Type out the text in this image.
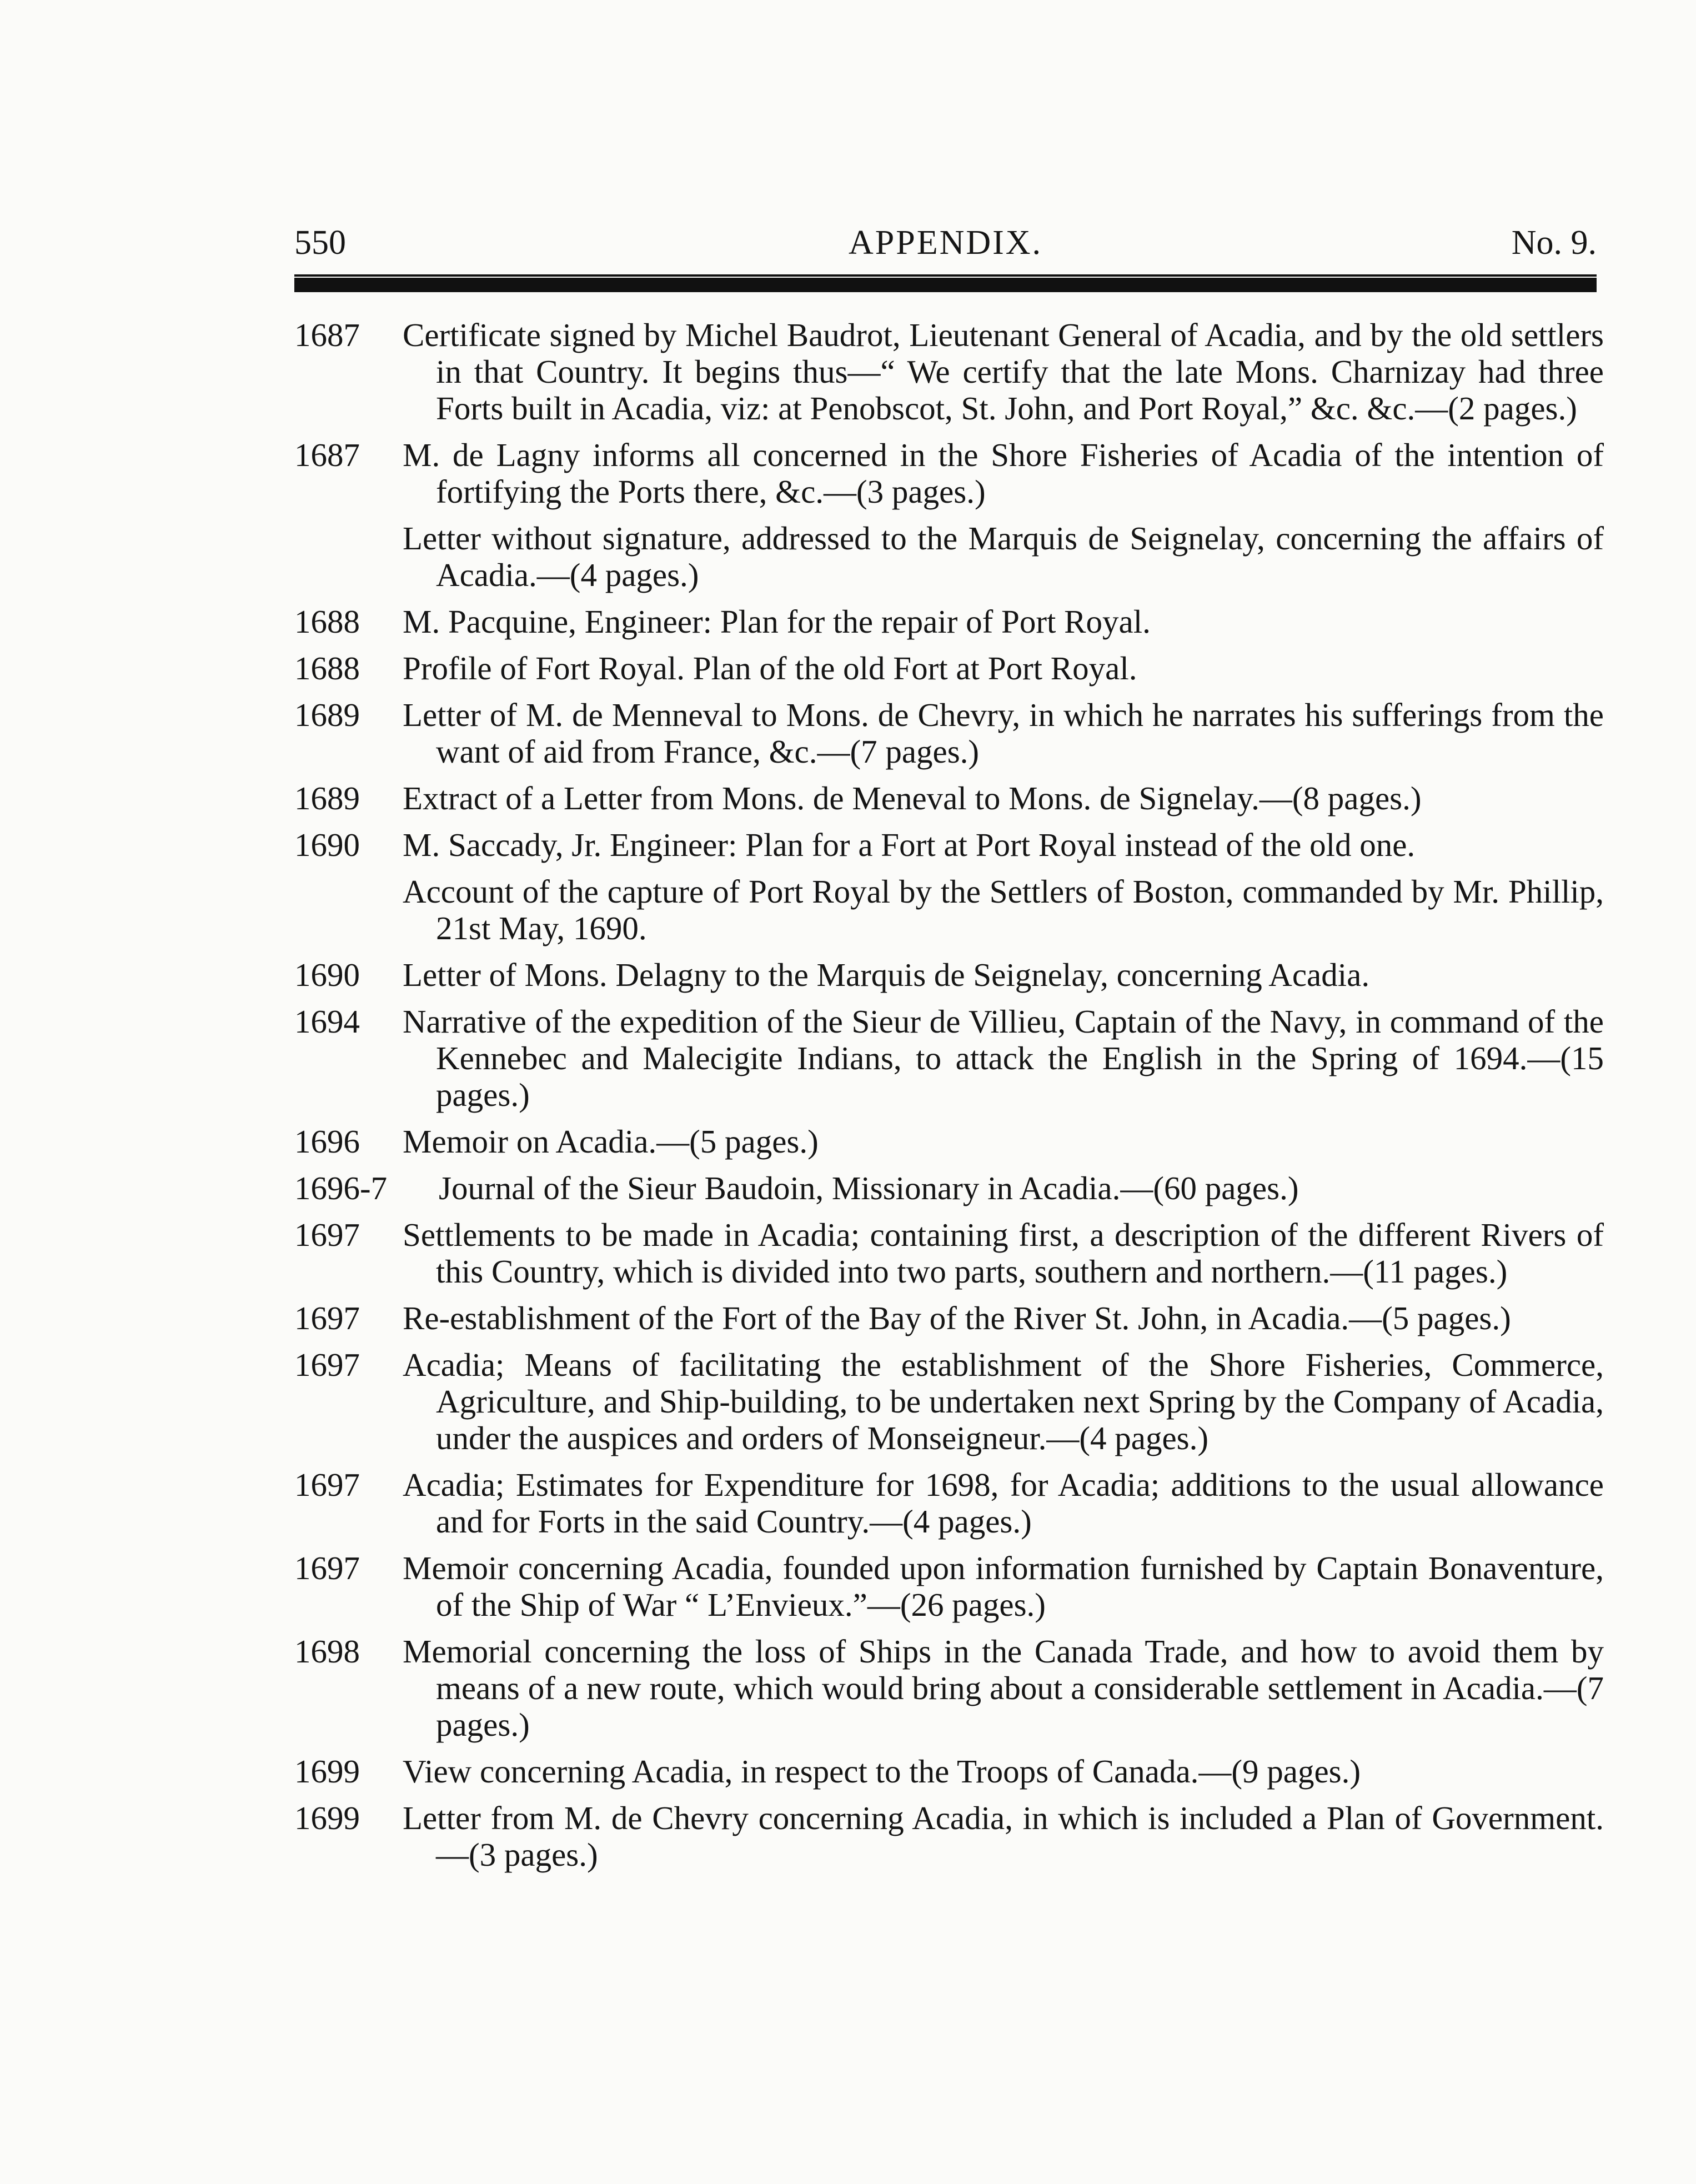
550	APPENDIX.	No. 9.
1687	Certificate signed by Michel Baudrot, Lieutenant General of Acadia, and by the old settlers in that Country. It begins thus—“ We certify that the late Mons. Charnizay had three Forts built in Acadia, viz: at Penobscot, St. John, and Port Royal,” &c. &c.—(2 pages.)
1687	M. de Lagny informs all concerned in the Shore Fisheries of Acadia of the intention of fortifying the Ports there, &c.—(3 pages.)
Letter without signature, addressed to the Marquis de Seignelay, concerning the affairs of Acadia.—(4 pages.)
1688	M. Pacquine, Engineer: Plan for the repair of Port Royal.
1688	Profile of Fort Royal. Plan of the old Fort at Port Royal.
1689	Letter of M. de Menneval to Mons. de Chevry, in which he narrates his sufferings from the want of aid from France, &c.—(7 pages.)
1689	Extract of a Letter from Mons. de Meneval to Mons. de Signelay.—(8 pages.)
1690	M. Saccady, Jr. Engineer: Plan for a Fort at Port Royal instead of the old one.
Account of the capture of Port Royal by the Settlers of Boston, commanded by Mr. Phillip, 21st May, 1690.
1690	Letter of Mons. Delagny to the Marquis de Seignelay, concerning Acadia.
1694	Narrative of the expedition of the Sieur de Villieu, Captain of the Navy, in command of the Kennebec and Malecigite Indians, to attack the English in the Spring of 1694.—(15 pages.)
1696	Memoir on Acadia.—(5 pages.)
1696-7	Journal of the Sieur Baudoin, Missionary in Acadia.—(60 pages.)
1697	Settlements to be made in Acadia; containing first, a description of the different Rivers of this Country, which is divided into two parts, southern and northern.—(11 pages.)
1697	Re-establishment of the Fort of the Bay of the River St. John, in Acadia.—(5 pages.)
1697	Acadia; Means of facilitating the establishment of the Shore Fisheries, Commerce, Agriculture, and Ship-building, to be undertaken next Spring by the Company of Acadia, under the auspices and orders of Monseigneur.—(4 pages.)
1697	Acadia; Estimates for Expenditure for 1698, for Acadia; additions to the usual allowance and for Forts in the said Country.—(4 pages.)
1697	Memoir concerning Acadia, founded upon information furnished by Captain Bonaventure, of the Ship of War “ L’Envieux.”—(26 pages.)
1698	Memorial concerning the loss of Ships in the Canada Trade, and how to avoid them by means of a new route, which would bring about a considerable settlement in Acadia.—(7 pages.)
1699	View concerning Acadia, in respect to the Troops of Canada.—(9 pages.)
1699	Letter from M. de Chevry concerning Acadia, in which is included a Plan of Government.—(3 pages.)
